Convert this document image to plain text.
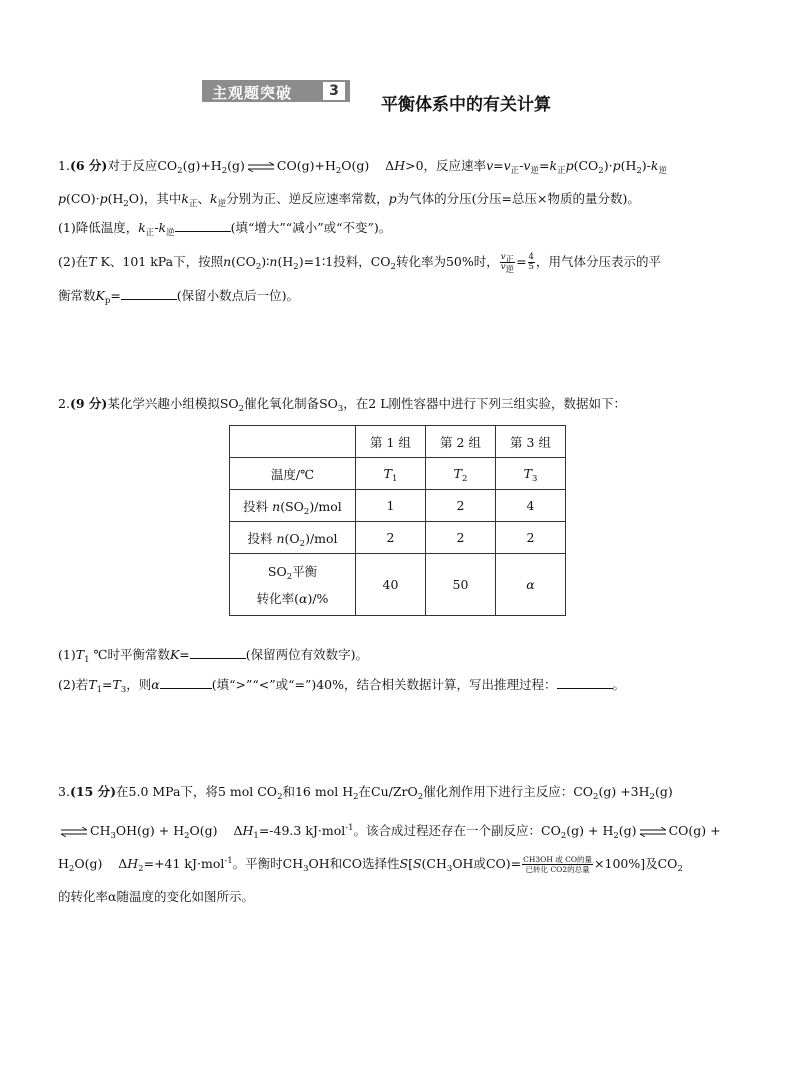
主观题突破	3
平衡体系中的有关计算
1.(6 分)对于反应$CO_2(g)+H_2(g)$ ⇌ $CO(g)+H_2O(g)$    ΔH>0，反应速率$v=v_正-v_逆=k_正p(CO_2)\cdot p(H_2)-k_逆$
$p(CO)\cdot p(H_2O)$，其中$k_正$、$k_逆$分别为正、逆反应速率常数，p为气体的分压(分压=总压×物质的量分数)。
(1)降低温度，$k_正-k_逆$	(填“增大”“减小”或“不变”)。
(2)在T K、101 kPa下，按照$n(CO_2)∶n(H_2)=1∶1$投料，$CO_2$转化率为50%时， $\frac{v_正}{v_逆} = \frac{4}{5}$ ，用气体分压表示的平
衡常数$K_p=$	(保留小数点后一位)。
2.(9 分)某化学兴趣小组模拟$SO_2$催化氧化制备$SO_3$，在2 L刚性容器中进行下列三组实验，数据如下：
	第 1 组	第 2 组	第 3 组
温度/℃	$T_1$	$T_2$	$T_3$
投料 $n(SO_2)$/mol	1	2	4
投料 $n(O_2)$/mol	2	2	2
$SO_2$平衡
转化率(α)/%	40	50	α
$(1)T_1$ ℃时平衡常数K=	(保留两位有效数字)。
(2)若$T_1=T_3$，则α	(填“>”“<”或“=”)40%，结合相关数据计算，写出推理过程：	。
3.(15 分)在5.0 MPa下，将5 mol $CO_2$和16 mol $H_2$在Cu/ZrO$_2$催化剂作用下进行主反应：$CO_2(g) +3H_2(g)$
⇌ $CH_3OH(g) + H_2O(g)$    $\Delta H_1=-49.3$ kJ·mol$^{-1}$。该合成过程还存在一个副反应：$CO_2(g) + H_2(g)$ ⇌ CO(g) +
$H_2O(g)$    $\Delta H_2=+41$ kJ·mol$^{-1}$。平衡时$CH_3OH$和CO选择性$S[S(CH_3OH$或$CO)= \frac{\text{CH3OH 或 CO的量}}{\text{已转化 CO2的总量}} \times 100\%$]及$CO_2$
的转化率α随温度的变化如图所示。
